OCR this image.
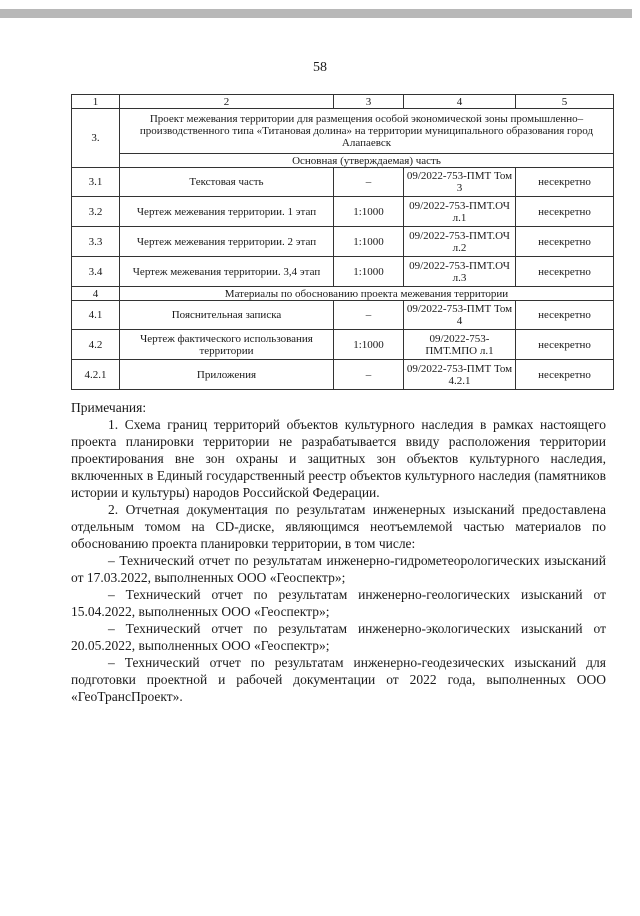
58
1	2	3	4	5
3.	Проект межевания территории для размещения особой экономической зоны промышленно–производственного типа «Титановая долина» на территории муниципального образования город Алапаевск			
	Основная (утверждаемая) часть			
3.1	Текстовая часть	–	09/2022-753-ПМТ Том 3	несекретно
3.2	Чертеж межевания территории. 1 этап	1:1000	09/2022-753-ПМТ.ОЧ л.1	несекретно
3.3	Чертеж межевания территории. 2 этап	1:1000	09/2022-753-ПМТ.ОЧ л.2	несекретно
3.4	Чертеж межевания территории. 3,4 этап	1:1000	09/2022-753-ПМТ.ОЧ л.3	несекретно
4	Материалы по обоснованию проекта межевания территории			
4.1	Пояснительная записка	–	09/2022-753-ПМТ Том 4	несекретно
4.2	Чертеж фактического использования территории	1:1000	09/2022-753-ПМТ.МПО л.1	несекретно
4.2.1	Приложения	–	09/2022-753-ПМТ Том 4.2.1	несекретно

Примечания:

1. Схема границ территорий объектов культурного наследия в рамках настоящего проекта планировки территории не разрабатывается ввиду расположения территории проектирования вне зон охраны и защитных зон объектов культурного наследия, включенных в Единый государственный реестр объектов культурного наследия (памятников истории и культуры) народов Российской Федерации.

2. Отчетная документация по результатам инженерных изысканий предоставлена отдельным томом на CD-диске, являющимся неотъемлемой частью материалов по обоснованию проекта планировки территории, в том числе:

– Технический отчет по результатам инженерно-гидрометеорологических изысканий от 17.03.2022, выполненных ООО «Геоспектр»;

– Технический отчет по результатам инженерно-геологических изысканий от 15.04.2022, выполненных ООО «Геоспектр»;

– Технический отчет по результатам инженерно-экологических изысканий от 20.05.2022, выполненных ООО «Геоспектр»;

– Технический отчет по результатам инженерно-геодезических изысканий для подготовки проектной и рабочей документации от 2022 года, выполненных ООО «ГеоТрансПроект».
